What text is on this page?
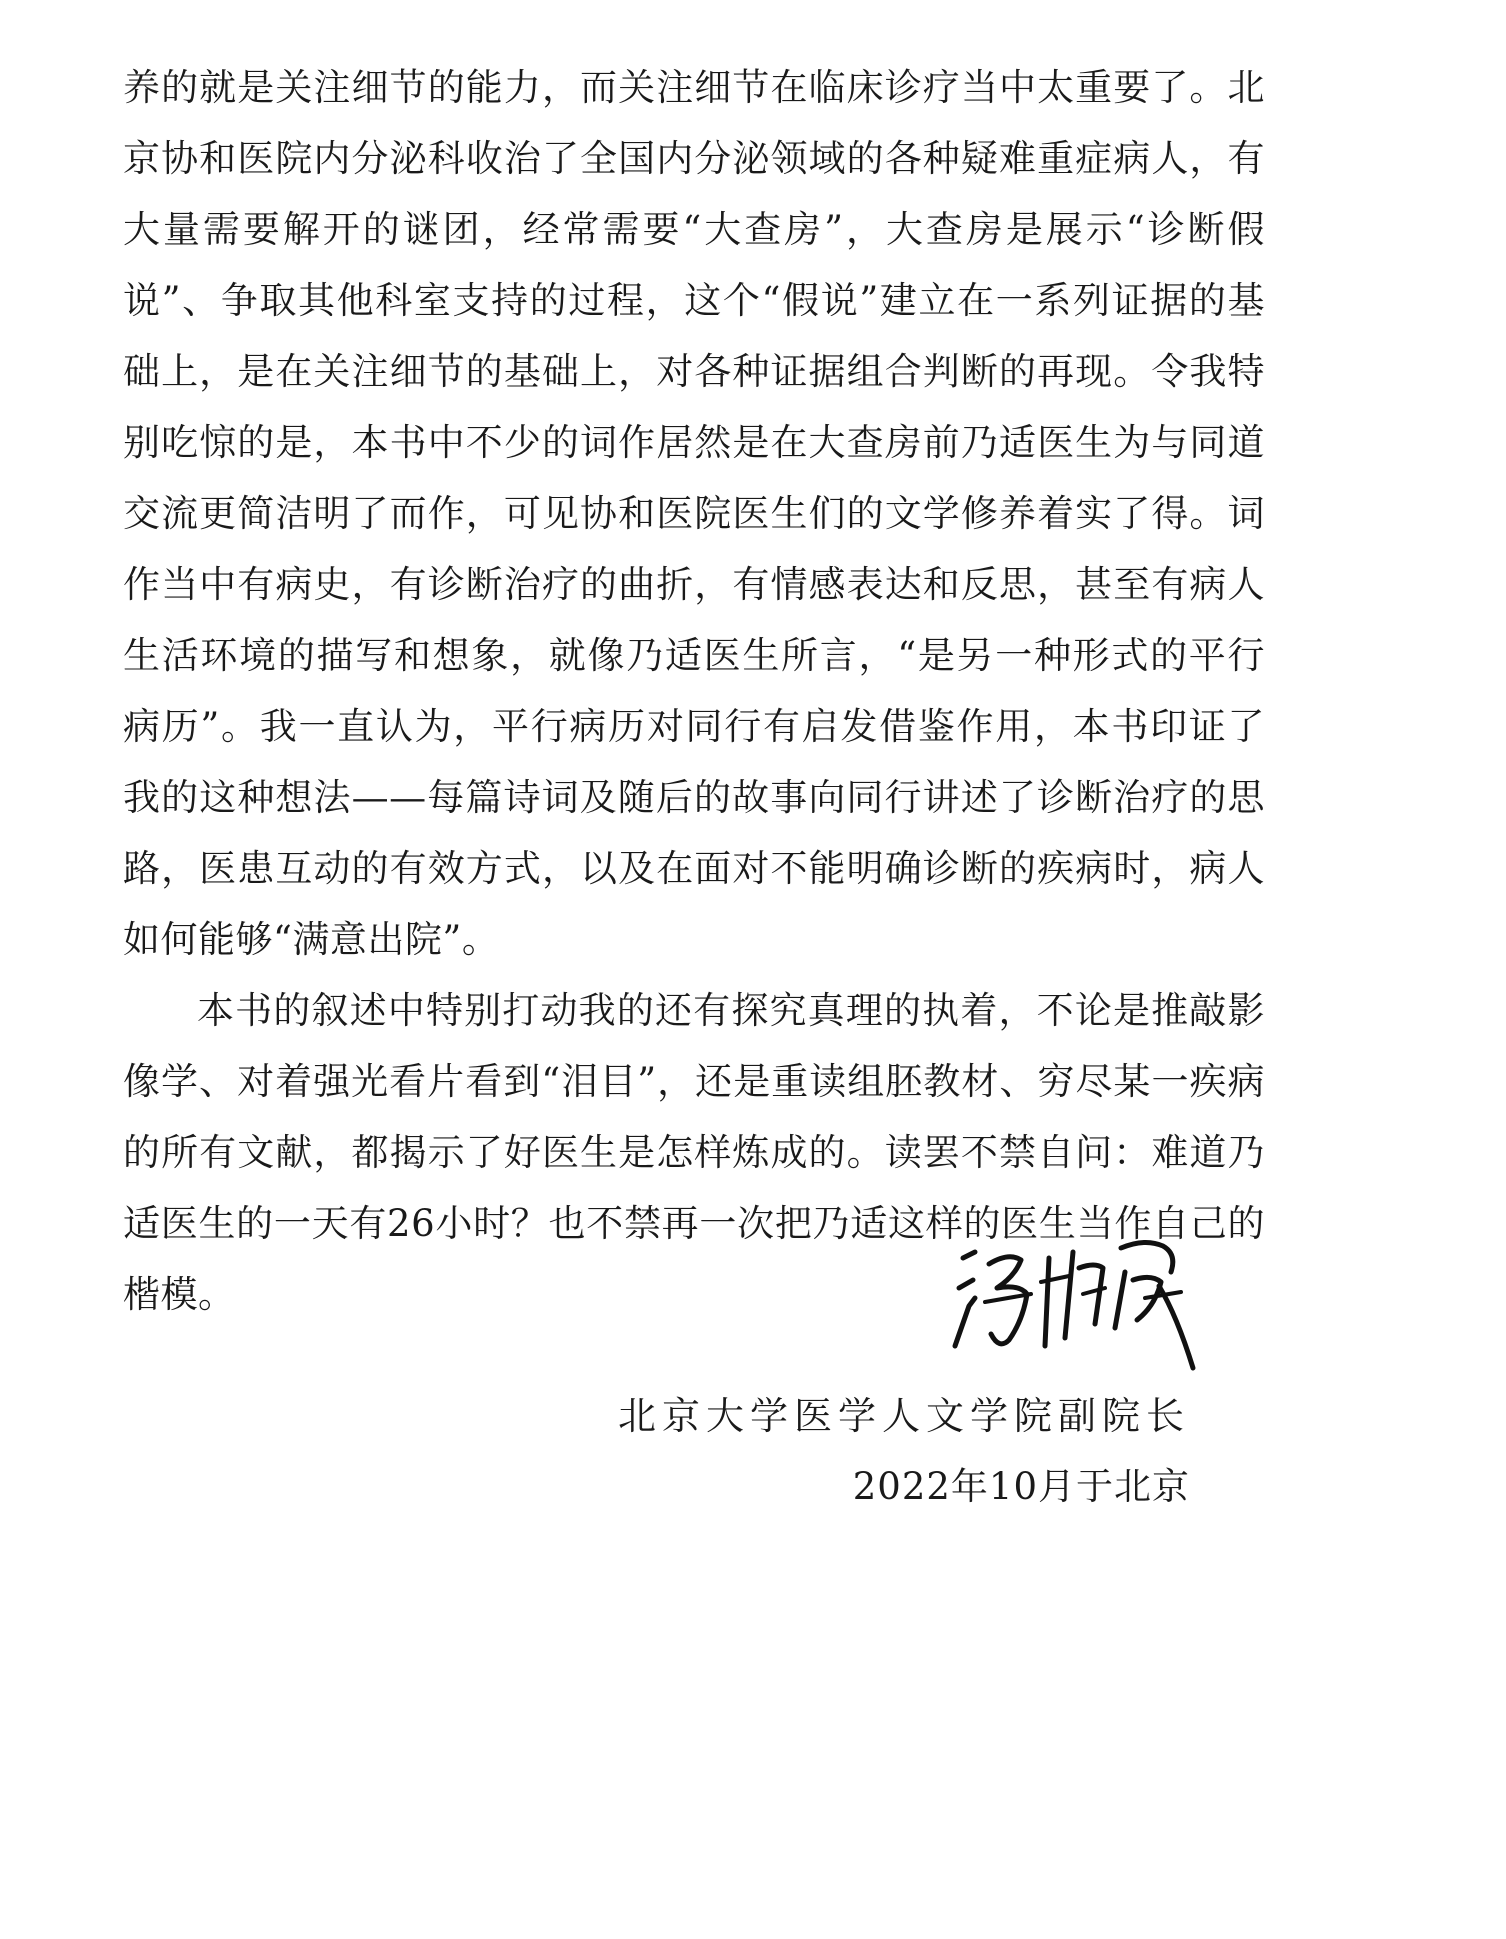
养的就是关注细节的能力，而关注细节在临床诊疗当中太重要了。北京协和医院内分泌科收治了全国内分泌领域的各种疑难重症病人，有大量需要解开的谜团，经常需要“大查房”，大查房是展示“诊断假说”、争取其他科室支持的过程，这个“假说”建立在一系列证据的基础上，是在关注细节的基础上，对各种证据组合判断的再现。令我特别吃惊的是，本书中不少的词作居然是在大查房前乃适医生为与同道交流更简洁明了而作，可见协和医院医生们的文学修养着实了得。词作当中有病史，有诊断治疗的曲折，有情感表达和反思，甚至有病人生活环境的描写和想象，就像乃适医生所言，“是另一种形式的平行病历”。我一直认为，平行病历对同行有启发借鉴作用，本书印证了我的这种想法——每篇诗词及随后的故事向同行讲述了诊断治疗的思路，医患互动的有效方式，以及在面对不能明确诊断的疾病时，病人如何能够“满意出院”。

本书的叙述中特别打动我的还有探究真理的执着，不论是推敲影像学、对着强光看片看到“泪目”，还是重读组胚教材、穷尽某一疾病的所有文献，都揭示了好医生是怎样炼成的。读罢不禁自问：难道乃适医生的一天有26小时？也不禁再一次把乃适这样的医生当作自己的楷模。

北京大学医学人文学院副院长
2022年10月于北京
